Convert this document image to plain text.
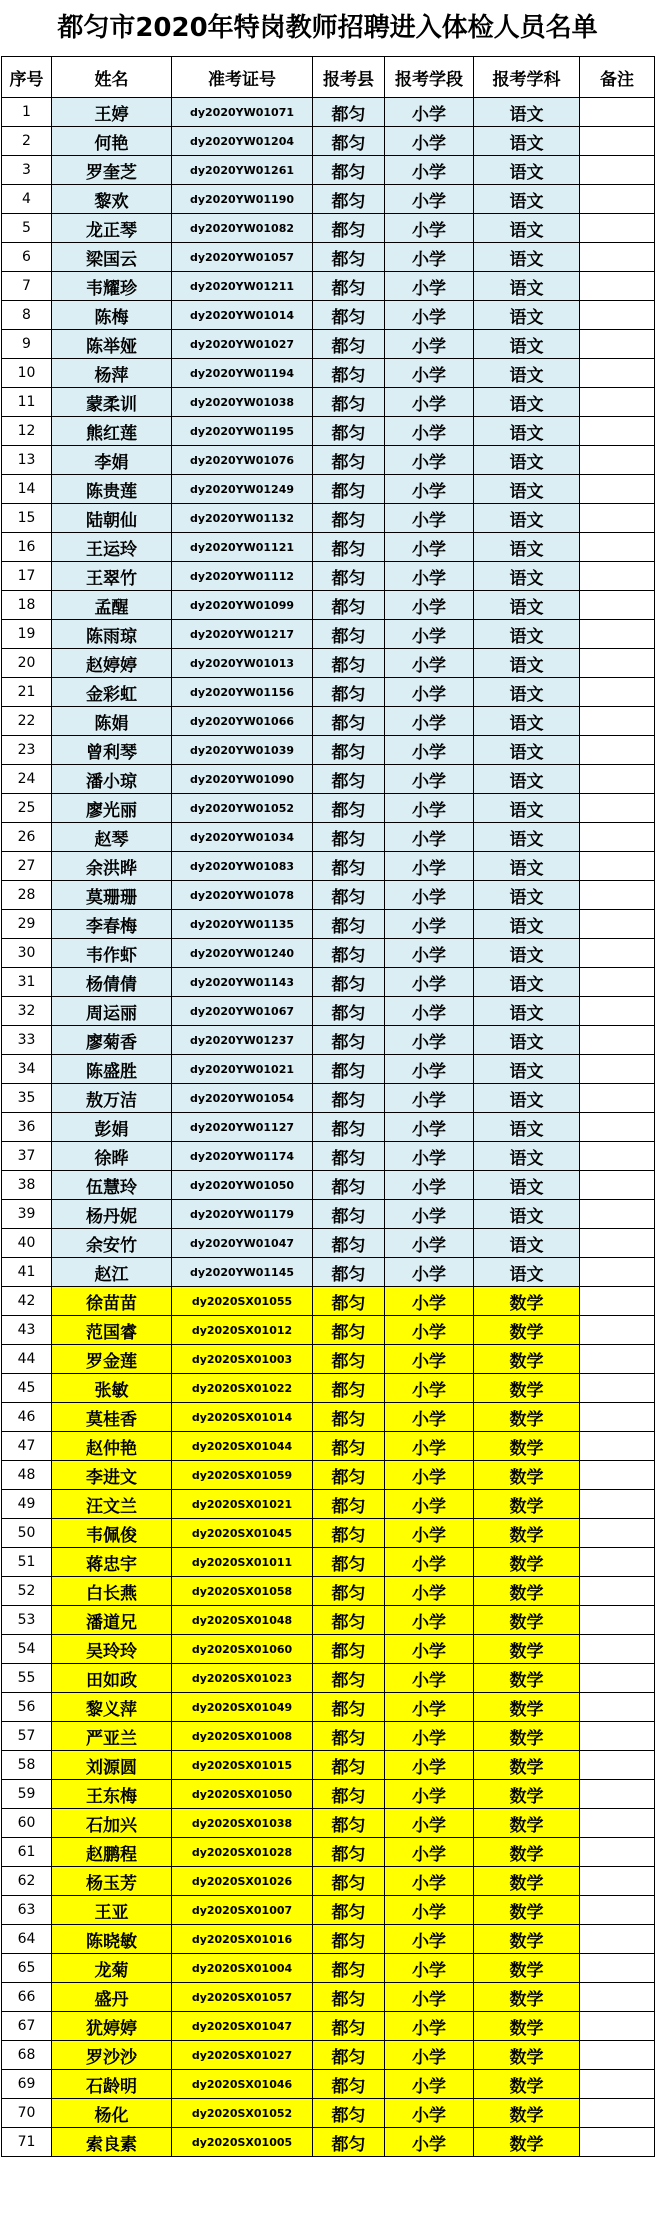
都匀市2020年特岗教师招聘进入体检人员名单
序号	姓名	准考证号	报考县	报考学段	报考学科	备注
1	王婷	dy2020YW01071	都匀	小学	语文	
2	何艳	dy2020YW01204	都匀	小学	语文	
3	罗奎芝	dy2020YW01261	都匀	小学	语文	
4	黎欢	dy2020YW01190	都匀	小学	语文	
5	龙正琴	dy2020YW01082	都匀	小学	语文	
6	梁国云	dy2020YW01057	都匀	小学	语文	
7	韦耀珍	dy2020YW01211	都匀	小学	语文	
8	陈梅	dy2020YW01014	都匀	小学	语文	
9	陈举娅	dy2020YW01027	都匀	小学	语文	
10	杨萍	dy2020YW01194	都匀	小学	语文	
11	蒙柔训	dy2020YW01038	都匀	小学	语文	
12	熊红莲	dy2020YW01195	都匀	小学	语文	
13	李娟	dy2020YW01076	都匀	小学	语文	
14	陈贵莲	dy2020YW01249	都匀	小学	语文	
15	陆朝仙	dy2020YW01132	都匀	小学	语文	
16	王运玲	dy2020YW01121	都匀	小学	语文	
17	王翠竹	dy2020YW01112	都匀	小学	语文	
18	孟醒	dy2020YW01099	都匀	小学	语文	
19	陈雨琼	dy2020YW01217	都匀	小学	语文	
20	赵婷婷	dy2020YW01013	都匀	小学	语文	
21	金彩虹	dy2020YW01156	都匀	小学	语文	
22	陈娟	dy2020YW01066	都匀	小学	语文	
23	曾利琴	dy2020YW01039	都匀	小学	语文	
24	潘小琼	dy2020YW01090	都匀	小学	语文	
25	廖光丽	dy2020YW01052	都匀	小学	语文	
26	赵琴	dy2020YW01034	都匀	小学	语文	
27	余洪晔	dy2020YW01083	都匀	小学	语文	
28	莫珊珊	dy2020YW01078	都匀	小学	语文	
29	李春梅	dy2020YW01135	都匀	小学	语文	
30	韦作虾	dy2020YW01240	都匀	小学	语文	
31	杨倩倩	dy2020YW01143	都匀	小学	语文	
32	周运丽	dy2020YW01067	都匀	小学	语文	
33	廖菊香	dy2020YW01237	都匀	小学	语文	
34	陈盛胜	dy2020YW01021	都匀	小学	语文	
35	敖万洁	dy2020YW01054	都匀	小学	语文	
36	彭娟	dy2020YW01127	都匀	小学	语文	
37	徐晔	dy2020YW01174	都匀	小学	语文	
38	伍慧玲	dy2020YW01050	都匀	小学	语文	
39	杨丹妮	dy2020YW01179	都匀	小学	语文	
40	余安竹	dy2020YW01047	都匀	小学	语文	
41	赵江	dy2020YW01145	都匀	小学	语文	
42	徐苗苗	dy2020SX01055	都匀	小学	数学	
43	范国睿	dy2020SX01012	都匀	小学	数学	
44	罗金莲	dy2020SX01003	都匀	小学	数学	
45	张敏	dy2020SX01022	都匀	小学	数学	
46	莫桂香	dy2020SX01014	都匀	小学	数学	
47	赵仲艳	dy2020SX01044	都匀	小学	数学	
48	李进文	dy2020SX01059	都匀	小学	数学	
49	汪文兰	dy2020SX01021	都匀	小学	数学	
50	韦佩俊	dy2020SX01045	都匀	小学	数学	
51	蒋忠宇	dy2020SX01011	都匀	小学	数学	
52	白长燕	dy2020SX01058	都匀	小学	数学	
53	潘道兄	dy2020SX01048	都匀	小学	数学	
54	吴玲玲	dy2020SX01060	都匀	小学	数学	
55	田如政	dy2020SX01023	都匀	小学	数学	
56	黎义萍	dy2020SX01049	都匀	小学	数学	
57	严亚兰	dy2020SX01008	都匀	小学	数学	
58	刘源圆	dy2020SX01015	都匀	小学	数学	
59	王东梅	dy2020SX01050	都匀	小学	数学	
60	石加兴	dy2020SX01038	都匀	小学	数学	
61	赵鹏程	dy2020SX01028	都匀	小学	数学	
62	杨玉芳	dy2020SX01026	都匀	小学	数学	
63	王亚	dy2020SX01007	都匀	小学	数学	
64	陈晓敏	dy2020SX01016	都匀	小学	数学	
65	龙菊	dy2020SX01004	都匀	小学	数学	
66	盛丹	dy2020SX01057	都匀	小学	数学	
67	犹婷婷	dy2020SX01047	都匀	小学	数学	
68	罗沙沙	dy2020SX01027	都匀	小学	数学	
69	石龄明	dy2020SX01046	都匀	小学	数学	
70	杨化	dy2020SX01052	都匀	小学	数学	
71	索良素	dy2020SX01005	都匀	小学	数学	
